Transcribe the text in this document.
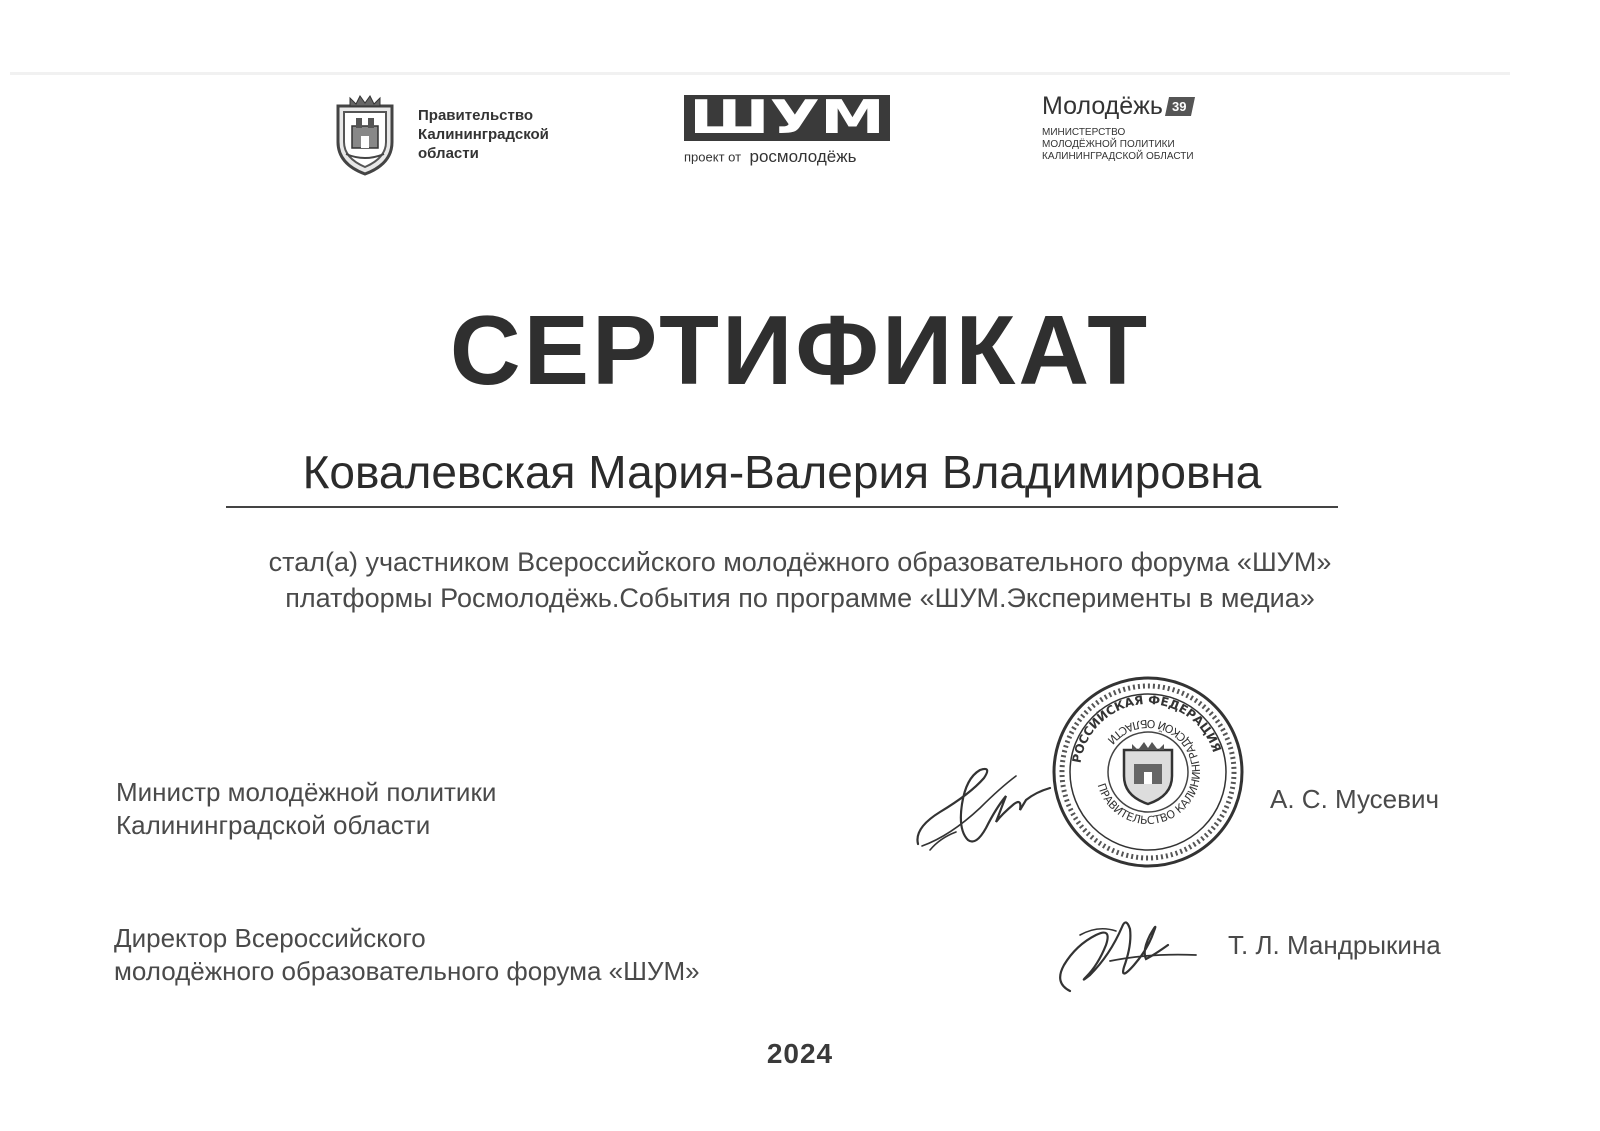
Правительство
Калининградской
области
ШУМ
проект от росмолодёжь
Молодёжь 39
МИНИСТЕРСТВО
МОЛОДЁЖНОЙ ПОЛИТИКИ
КАЛИНИНГРАДСКОЙ ОБЛАСТИ
СЕРТИФИКАТ
Ковалевская Мария-Валерия Владимировна
стал(а) участником Всероссийского молодёжного образовательного форума «ШУМ»
платформы Росмолодёжь.События по программе «ШУМ.Эксперименты в медиа»
Министр молодёжной политики
Калининградской области
РОССИЙСКАЯ ФЕДЕРАЦИЯ
ПРАВИТЕЛЬСТВО КАЛИНИНГРАДСКОЙ ОБЛАСТИ
А. С. Мусевич
Директор Всероссийского
молодёжного образовательного форума «ШУМ»
Т. Л. Мандрыкина
2024
